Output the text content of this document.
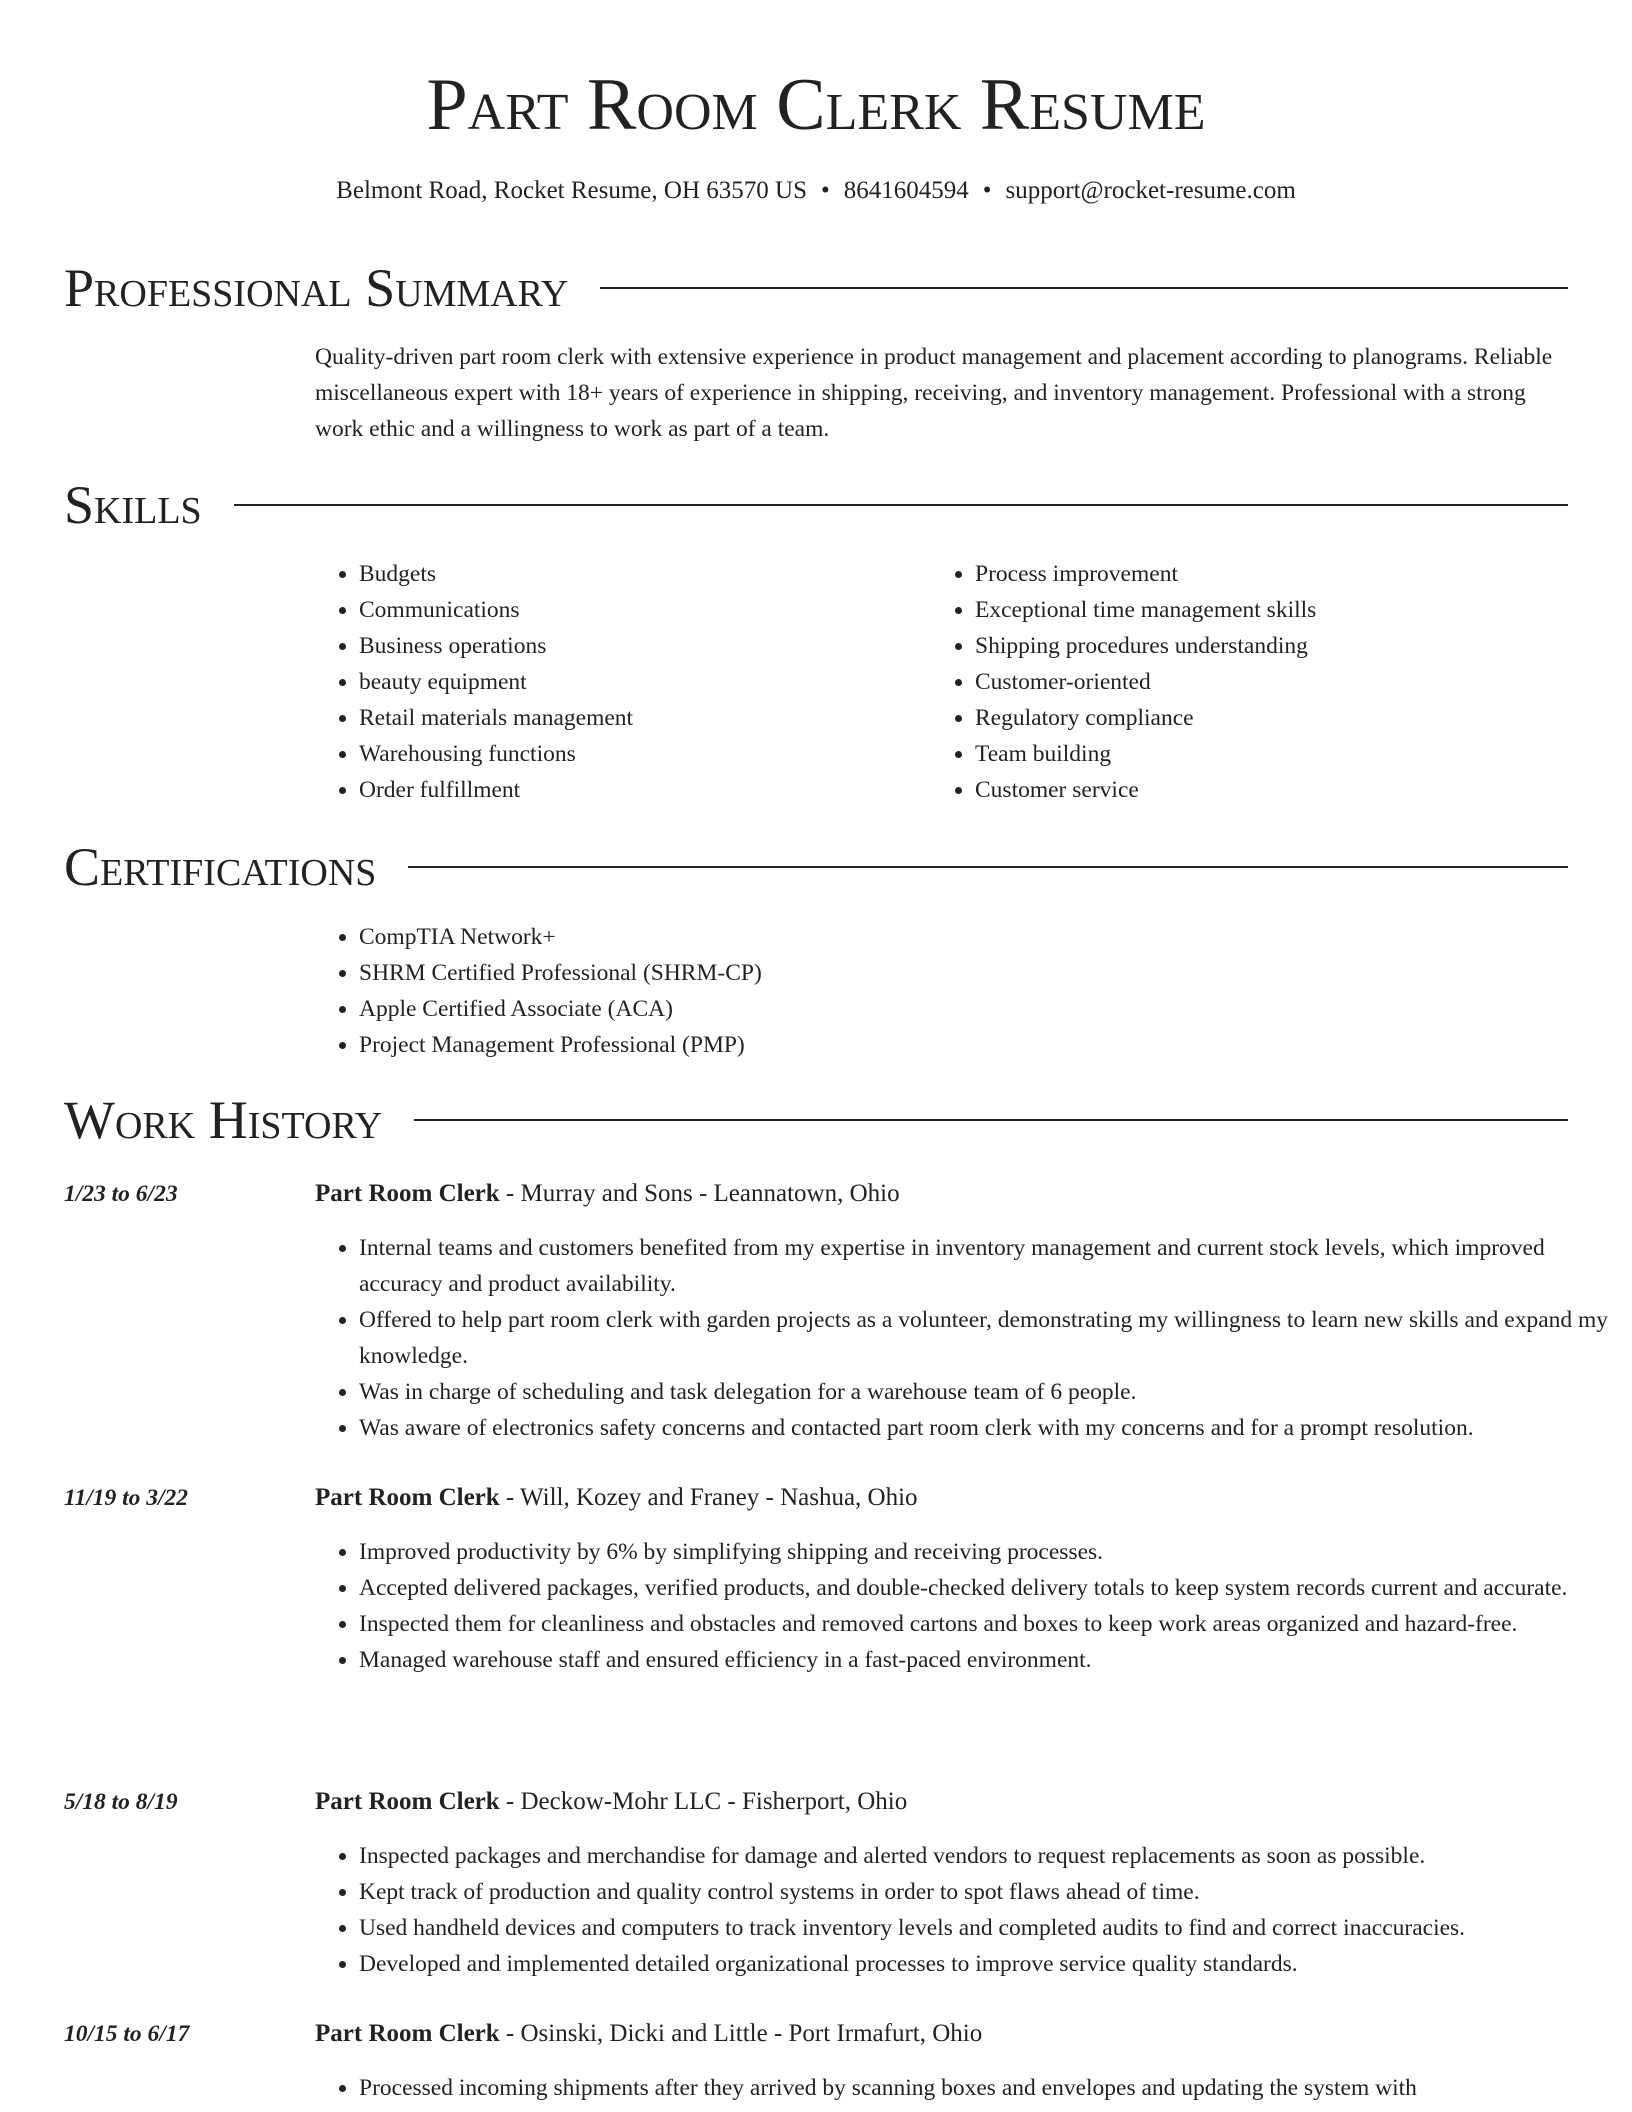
Part Room Clerk Resume
Belmont Road, Rocket Resume, OH 63570 US • 8641604594 • support@rocket-resume.com
Professional Summary

Quality-driven part room clerk with extensive experience in product management and placement according to planograms. Reliable miscellaneous expert with 18+ years of experience in shipping, receiving, and inventory management. Professional with a strong work ethic and a willingness to work as part of a team.

Skills
• Budgets
• Communications
• Business operations
• beauty equipment
• Retail materials management
• Warehousing functions
• Order fulfillment
• Process improvement
• Exceptional time management skills
• Shipping procedures understanding
• Customer-oriented
• Regulatory compliance
• Team building
• Customer service
Certifications
• CompTIA Network+
• SHRM Certified Professional (SHRM-CP)
• Apple Certified Associate (ACA)
• Project Management Professional (PMP)
Work History
1/23 to 6/23	Part Room Clerk - Murray and Sons - Leannatown, Ohio
• Internal teams and customers benefited from my expertise in inventory management and current stock levels, which improved accuracy and product availability.
• Offered to help part room clerk with garden projects as a volunteer, demonstrating my willingness to learn new skills and expand my knowledge.
• Was in charge of scheduling and task delegation for a warehouse team of 6 people.
• Was aware of electronics safety concerns and contacted part room clerk with my concerns and for a prompt resolution.
11/19 to 3/22	Part Room Clerk - Will, Kozey and Franey - Nashua, Ohio
• Improved productivity by 6% by simplifying shipping and receiving processes.
• Accepted delivered packages, verified products, and double-checked delivery totals to keep system records current and accurate.
• Inspected them for cleanliness and obstacles and removed cartons and boxes to keep work areas organized and hazard-free.
• Managed warehouse staff and ensured efficiency in a fast-paced environment.
5/18 to 8/19	Part Room Clerk - Deckow-Mohr LLC - Fisherport, Ohio
• Inspected packages and merchandise for damage and alerted vendors to request replacements as soon as possible.
• Kept track of production and quality control systems in order to spot flaws ahead of time.
• Used handheld devices and computers to track inventory levels and completed audits to find and correct inaccuracies.
• Developed and implemented detailed organizational processes to improve service quality standards.
10/15 to 6/17	Part Room Clerk - Osinski, Dicki and Little - Port Irmafurt, Ohio
• Processed incoming shipments after they arrived by scanning boxes and envelopes and updating the system with
